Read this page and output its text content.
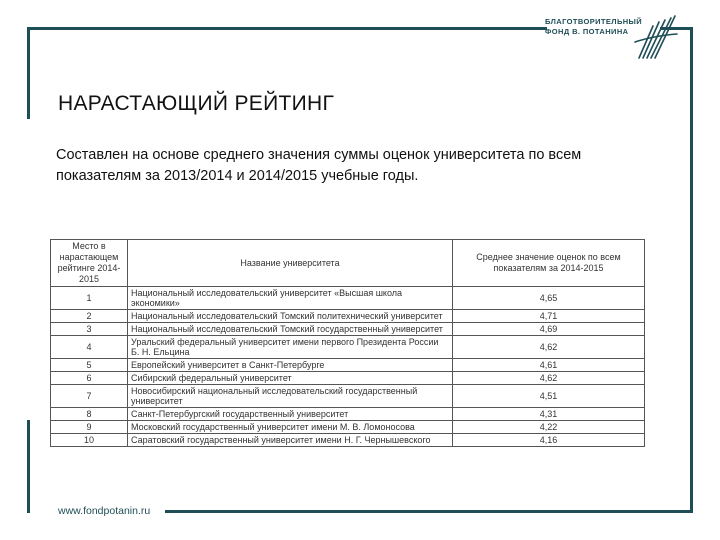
БЛАГОТВОРИТЕЛЬНЫЙ
ФОНД В. ПОТАНИНА
НАРАСТАЮЩИЙ РЕЙТИНГ

Составлен на основе среднего значения суммы оценок университета по всем показателям за 2013/2014 и 2014/2015 учебные годы.

Место в нарастающем рейтинге 2014-2015	Название университета	Среднее значение оценок по всем показателям за 2014-2015
1	Национальный исследовательский университет «Высшая школа экономики»	4,65
2	Национальный исследовательский Томский политехнический университет	4,71
3	Национальный исследовательский Томский государственный университет	4,69
4	Уральский федеральный университет имени первого Президента России Б. Н. Ельцина	4,62
5	Европейский университет в Санкт-Петербурге	4,61
6	Сибирский федеральный университет	4,62
7	Новосибирский национальный исследовательский государственный университет	4,51
8	Санкт-Петербургский государственный университет	4,31
9	Московский государственный университет имени М. В. Ломоносова	4,22
10	Саратовский государственный университет имени Н. Г. Чернышевского	4,16
www.fondpotanin.ru
